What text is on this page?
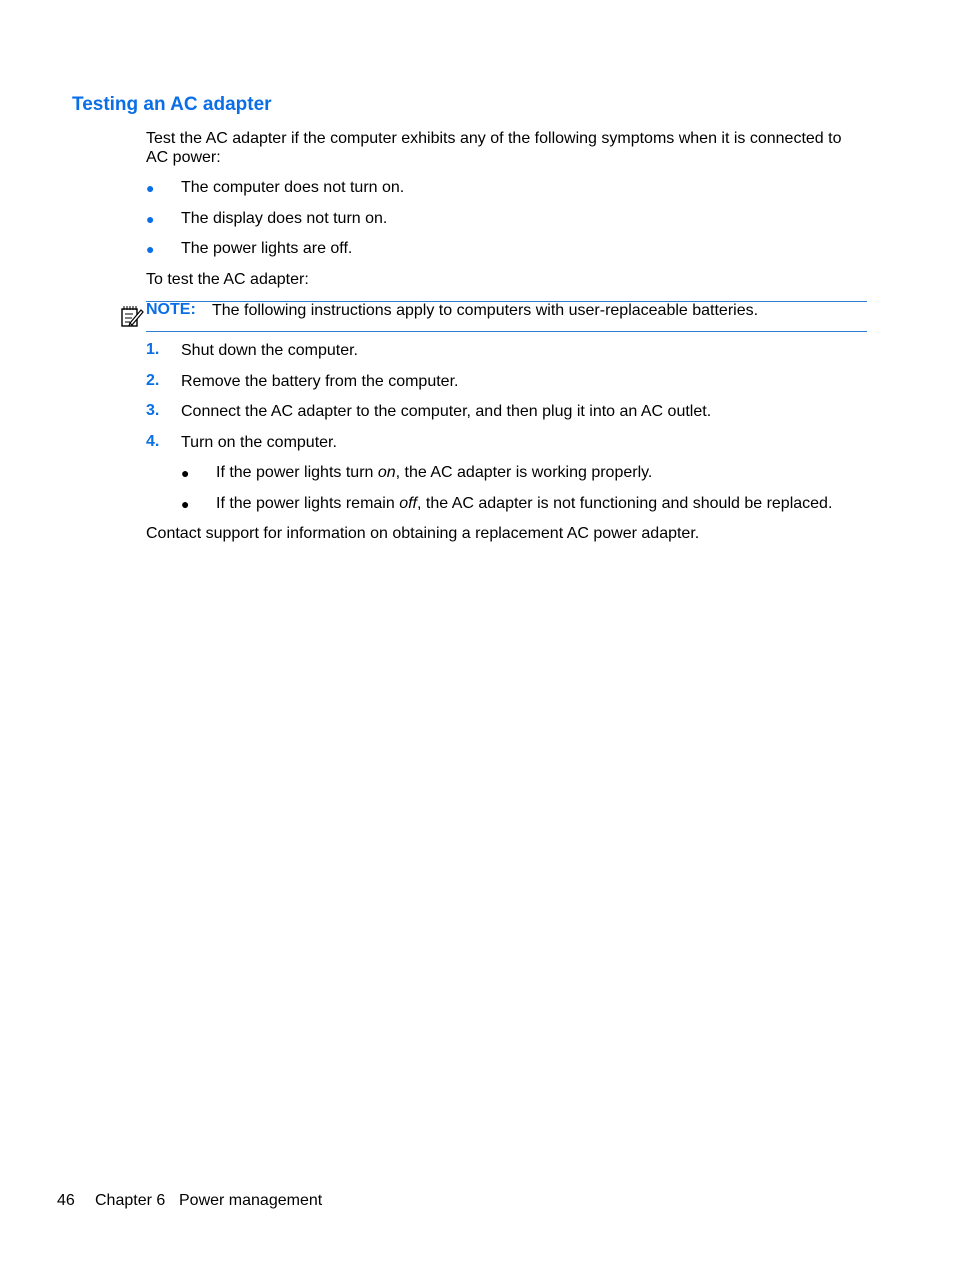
Testing an AC adapter
Test the AC adapter if the computer exhibits any of the following symptoms when it is connected to
AC power:
● The computer does not turn on.
● The display does not turn on.
● The power lights are off.
To test the AC adapter:
NOTE: The following instructions apply to computers with user-replaceable batteries.
1. Shut down the computer.
2. Remove the battery from the computer.
3. Connect the AC adapter to the computer, and then plug it into an AC outlet.
4. Turn on the computer.
● If the power lights turn on, the AC adapter is working properly.
● If the power lights remain off, the AC adapter is not functioning and should be replaced.
Contact support for information on obtaining a replacement AC power adapter.
46 Chapter 6 Power management
